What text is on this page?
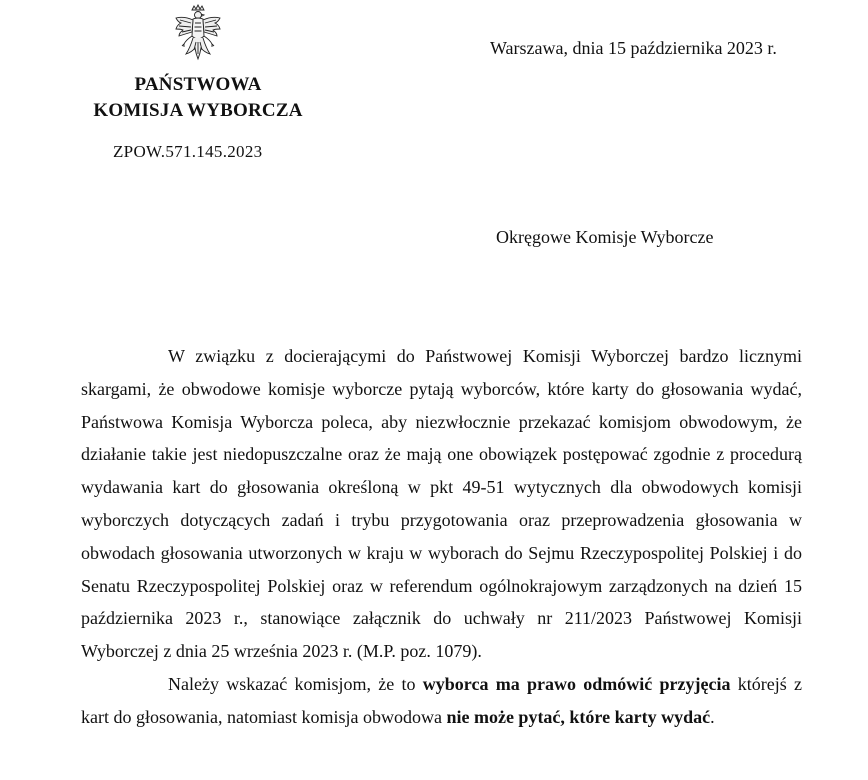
PAŃSTWOWA
KOMISJA WYBORCZA
ZPOW.571.145.2023
Warszawa, dnia 15 października 2023 r.
Okręgowe Komisje Wyborcze

W związku z docierającymi do Państwowej Komisji Wyborczej bardzo licznymi skargami, że obwodowe komisje wyborcze pytają wyborców, które karty do głosowania wydać, Państwowa Komisja Wyborcza poleca, aby niezwłocznie przekazać komisjom obwodowym, że działanie takie jest niedopuszczalne oraz że mają one obowiązek postępować zgodnie z procedurą wydawania kart do głosowania określoną w pkt 49-51 wytycznych dla obwodowych komisji wyborczych dotyczących zadań i trybu przygotowania oraz przeprowadzenia głosowania w obwodach głosowania utworzonych w kraju w wyborach do Sejmu Rzeczypospolitej Polskiej i do Senatu Rzeczypospolitej Polskiej oraz w referendum ogólnokrajowym zarządzonych na dzień 15 października 2023 r., stanowiące załącznik do uchwały nr 211/2023 Państwowej Komisji Wyborczej z dnia 25 września 2023 r. (M.P. poz. 1079).

Należy wskazać komisjom, że to wyborca ma prawo odmówić przyjęcia którejś z kart do głosowania, natomiast komisja obwodowa nie może pytać, które karty wydać.
